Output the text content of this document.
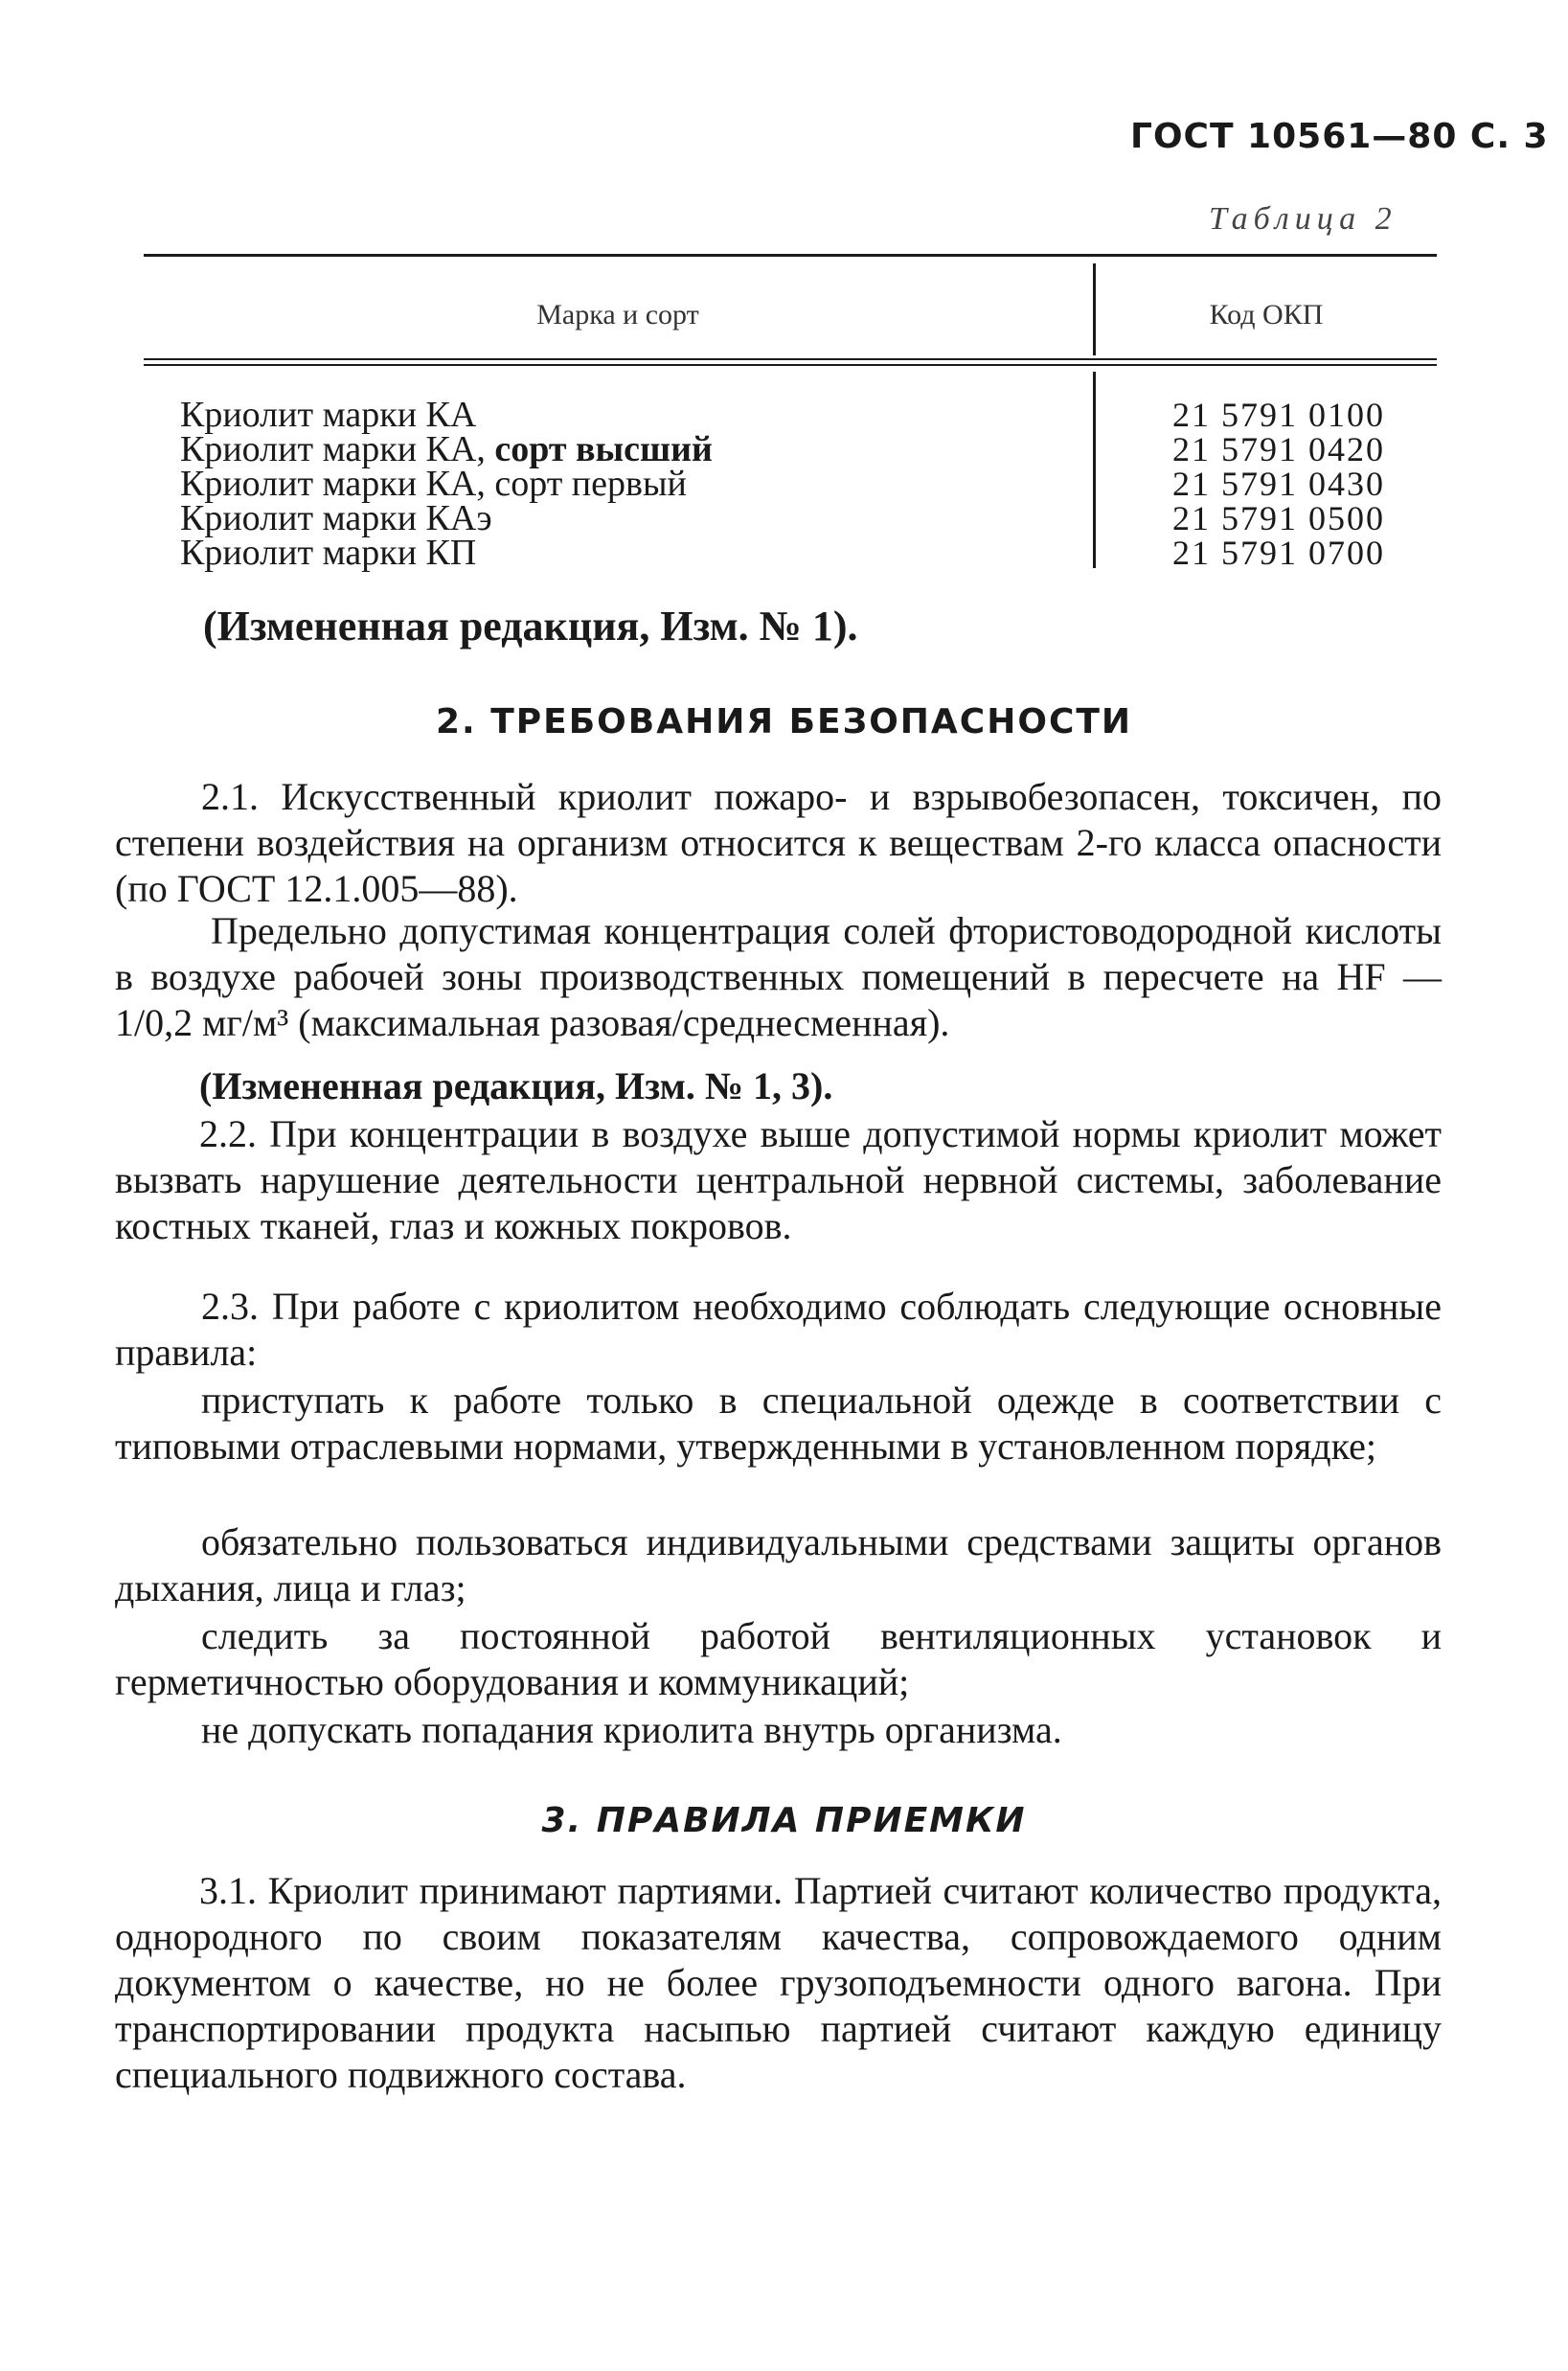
ГОСТ 10561—80 С. 3
Таблица 2
Марка и сорт	Код ОКП
Криолит марки КА
Криолит марки КА, сорт высший
Криолит марки КА, сорт первый
Криолит марки КАэ
Криолит марки КП
21 5791 0100
21 5791 0420
21 5791 0430
21 5791 0500
21 5791 0700
(Измененная редакция, Изм. № 1).
2. ТРЕБОВАНИЯ БЕЗОПАСНОСТИ
2.1. Искусственный криолит пожаро- и взрывобезопасен, токсичен, по степени воздействия на организм относится к веществам 2-го класса опасности (по ГОСТ 12.1.005—88).
Предельно допустимая концентрация солей фтористоводородной кислоты в воздухе рабочей зоны производственных помещений в пересчете на HF — 1/0,2 мг/м³ (максимальная разовая/среднесменная).
(Измененная редакция, Изм. № 1, 3).
2.2. При концентрации в воздухе выше допустимой нормы криолит может вызвать нарушение деятельности центральной нервной системы, заболевание костных тканей, глаз и кожных покровов.
2.3. При работе с криолитом необходимо соблюдать следующие основные правила:
приступать к работе только в специальной одежде в соответствии с типовыми отраслевыми нормами, утвержденными в установленном порядке;
обязательно пользоваться индивидуальными средствами защиты органов дыхания, лица и глаз;
следить за постоянной работой вентиляционных установок и герметичностью оборудования и коммуникаций;
не допускать попадания криолита внутрь организма.
3. ПРАВИЛА ПРИЕМКИ
3.1. Криолит принимают партиями. Партией считают количество продукта, однородного по своим показателям качества, сопровождаемого одним документом о качестве, но не более грузоподъемности одного вагона. При транспортировании продукта насыпью партией считают каждую единицу специального подвижного состава.
